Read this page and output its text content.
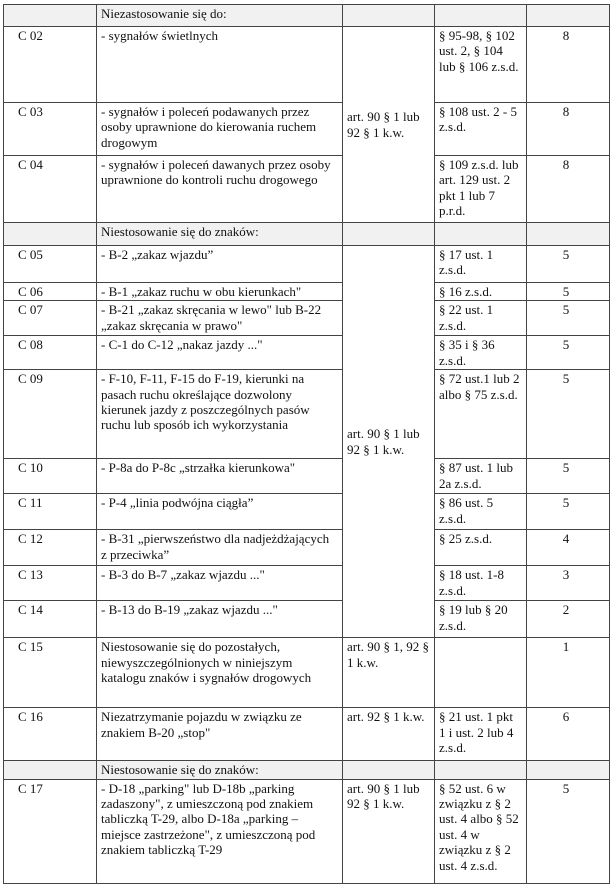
	Niezastosowanie się do:			
C 02	- sygnałów świetlnych	art. 90 § 1 lub 92 § 1 k.w.	§ 95-98, § 102 ust. 2, § 104 lub § 106 z.s.d.	8
C 03	- sygnałów i poleceń podawanych przez osoby uprawnione do kierowania ruchem drogowym		§ 108 ust. 2 - 5 z.s.d.	8
C 04	- sygnałów i poleceń dawanych przez osoby uprawnione do kontroli ruchu drogowego		§ 109 z.s.d. lub art. 129 ust. 2 pkt 1 lub 7 p.r.d.	8
	Niestosowanie się do znaków:			
C 05	- B-2 „zakaz wjazdu”	art. 90 § 1 lub 92 § 1 k.w.	§ 17 ust. 1 z.s.d.	5
C 06	- B-1 „zakaz ruchu w obu kierunkach"		§ 16 z.s.d.	5
C 07	- B-21 „zakaz skręcania w lewo" lub B-22 „zakaz skręcania w prawo"		§ 22 ust. 1 z.s.d.	5
C 08	- C-1 do C-12 „nakaz jazdy ..."		§ 35 i § 36 z.s.d.	5
C 09	- F-10, F-11, F-15 do F-19, kierunki na pasach ruchu określające dozwolony kierunek jazdy z poszczególnych pasów ruchu lub sposób ich wykorzystania		§ 72 ust.1 lub 2 albo § 75 z.s.d.	5
C 10	- P-8a do P-8c „strzałka kierunkowa"		§ 87 ust. 1 lub 2a z.s.d.	5
C 11	- P-4 „linia podwójna ciągła”		§ 86 ust. 5 z.s.d.	5
C 12	- B-31 „pierwszeństwo dla nadjeżdżających z przeciwka”		§ 25 z.s.d.	4
C 13	- B-3 do B-7 „zakaz wjazdu ..."		§ 18 ust. 1-8 z.s.d.	3
C 14	- B-13 do B-19 „zakaz wjazdu ..."		§ 19 lub § 20 z.s.d.	2
C 15	Niestosowanie się do pozostałych, niewyszczególnionych w niniejszym katalogu znaków i sygnałów drogowych	art. 90 § 1, 92 § 1 k.w.		1
C 16	Niezatrzymanie pojazdu w związku ze znakiem B-20 „stop"	art. 92 § 1 k.w.	§ 21 ust. 1 pkt 1 i ust. 2 lub 4 z.s.d.	6
	Niestosowanie się do znaków:			
C 17	- D-18 „parking" lub D-18b „parking zadaszony", z umieszczoną pod znakiem tabliczką T-29, albo D-18a „parking – miejsce zastrzeżone", z umieszczoną pod znakiem tabliczką T-29	art. 90 § 1 lub 92 § 1 k.w.	§ 52 ust. 6 w związku z § 2 ust. 4 albo § 52 ust. 4 w związku z § 2 ust. 4 z.s.d.	5
